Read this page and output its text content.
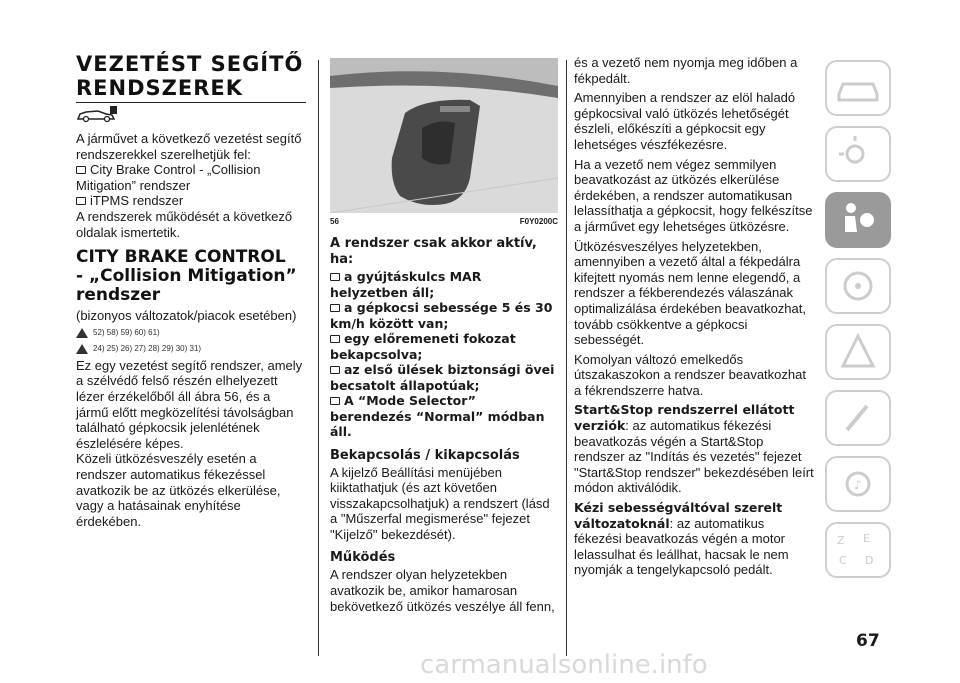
VEZETÉST SEGÍTŐ
RENDSZEREK

A járművet a következő vezetést segítő rendszerekkel szerelhetjük fel:

City Brake Control - „Collision Mitigation” rendszer

iTPMS rendszer

A rendszerek működését a következő oldalak ismertetik.

CITY BRAKE CONTROL
- „Collision Mitigation”
rendszer

(bizonyos változatok/piacok esetében)

52) 58) 59) 60) 61)
24) 25) 26) 27) 28) 29) 30) 31)

Ez egy vezetést segítő rendszer, amely a szélvédő felső részén elhelyezett lézer érzékelőből áll ábra 56, és a jármű előtt megközelítési távolságban található gépkocsik jelenlétének észlelésére képes.

Közeli ütközésveszély esetén a rendszer automatikus fékezéssel avatkozik be az ütközés elkerülése, vagy a hatásainak enyhítése érdekében.

56	F0Y0200C
A rendszer csak akkor aktív, ha:
a gyújtáskulcs MAR helyzetben áll;
a gépkocsi sebessége 5 és 30 km/h között van;
egy előremeneti fokozat bekapcsolva;
az első ülések biztonsági övei becsatolt állapotúak;
A “Mode Selector” berendezés “Normal” módban áll.
Bekapcsolás / kikapcsolás

A kijelző Beállítási menüjében kiiktathatjuk (és azt követően visszakapcsolhatjuk) a rendszert (lásd a "Műszerfal megismerése" fejezet "Kijelző" bekezdését).

Működés

A rendszer olyan helyzetekben avatkozik be, amikor hamarosan bekövetkező ütközés veszélye áll fenn,

és a vezető nem nyomja meg időben a fékpedált.

Amennyiben a rendszer az elöl haladó gépkocsival való ütközés lehetőségét észleli, előkészíti a gépkocsit egy lehetséges vészfékezésre.

Ha a vezető nem végez semmilyen beavatkozást az ütközés elkerülése érdekében, a rendszer automatikusan lelassíthatja a gépkocsit, hogy felkészítse a járművet egy lehetséges ütközésre.

Ütközésveszélyes helyzetekben, amennyiben a vezető által a fékpedálra kifejtett nyomás nem lenne elegendő, a rendszer a fékberendezés válaszának optimalizálása érdekében beavatkozhat, tovább csökkentve a gépkocsi sebességét.

Komolyan változó emelkedős útszakaszokon a rendszer beavatkozhat a fékrendszerre hatva.

Start&Stop rendszerrel ellátott verziók: az automatikus fékezési beavatkozás végén a Start&Stop rendszer az "Indítás és vezetés" fejezet "Start&Stop rendszer" bekezdésében leírt módon aktiválódik.

Kézi sebességváltóval szerelt változatoknál: az automatikus fékezési beavatkozás végén a motor lelassulhat és leállhat, hacsak le nem nyomják a tengelykapcsoló pedált.

♪
Z E
C D
67
carmanualsonline.info
